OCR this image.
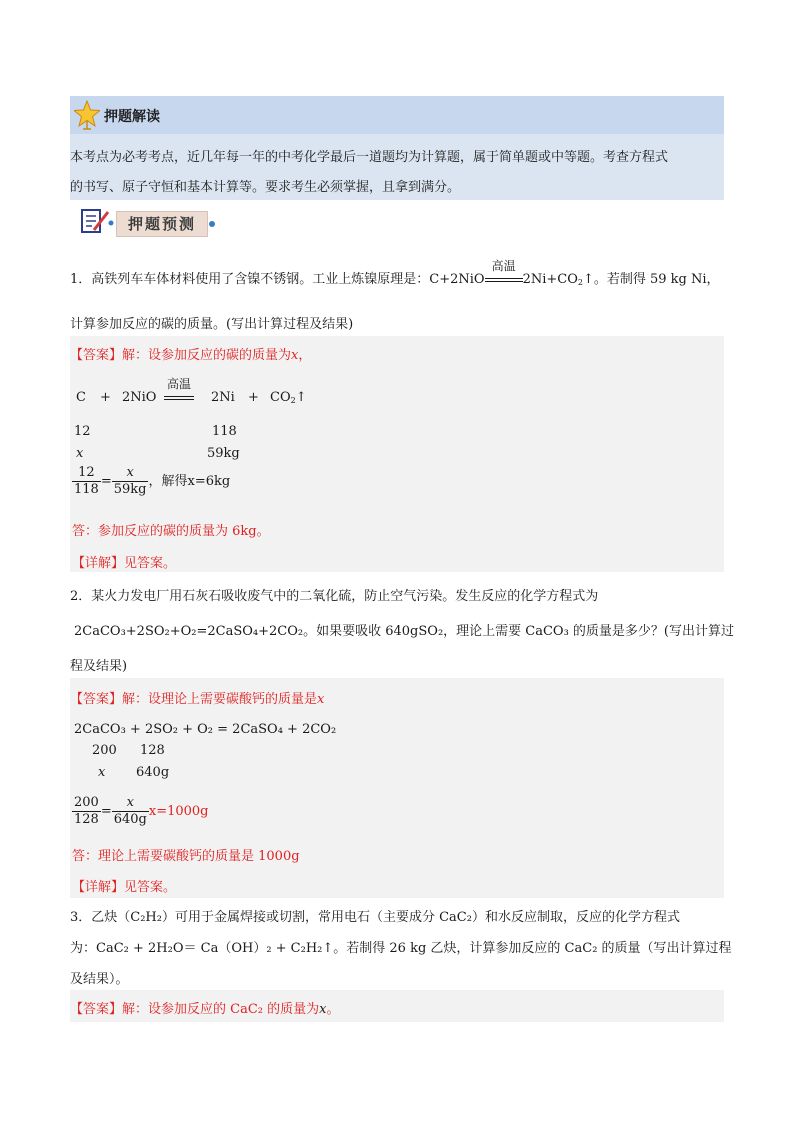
押题解读
本考点为必考考点，近几年每一年的中考化学最后一道题均为计算题，属于简单题或中等题。考查方程式
的书写、原子守恒和基本计算等。要求考生必须掌握，且拿到满分。
押题预测
1．高铁列车车体材料使用了含镍不锈钢。工业上炼镍原理是：C+2NiO
高温
$2Ni+CO_2↑$。若制得 59 kg Ni，
计算参加反应的碳的质量。(写出计算过程及结果)
【答案】解：设参加反应的碳的质量为x，
C + 2NiO
高温
$2Ni + CO_2↑$
12	118
x	59kg
$\frac{12}{118} = \frac{x}{59kg}$ ，解得x=6kg
答：参加反应的碳的质量为 6kg。
【详解】见答案。
2．某火力发电厂用石灰石吸收废气中的二氧化硫，防止空气污染。发生反应的化学方程式为
2CaCO₃+2SO₂+O₂=2CaSO₄+2CO₂。如果要吸收 640gSO₂，理论上需要 CaCO₃ 的质量是多少？(写出计算过
程及结果)
【答案】解：设理论上需要碳酸钙的质量是x
2CaCO₃ + 2SO₂ + O₂ = 2CaSO₄ + 2CO₂
200 128
x 640g
$\frac{200}{128} = \frac{x}{640g} x=1000g$
答：理论上需要碳酸钙的质量是 1000g
【详解】见答案。
3．乙炔（C₂H₂）可用于金属焊接或切割，常用电石（主要成分 CaC₂）和水反应制取，反应的化学方程式
为：CaC₂ + 2H₂O＝ Ca（OH）₂ + C₂H₂↑。若制得 26 kg 乙炔，计算参加反应的 CaC₂ 的质量（写出计算过程
及结果）。
【答案】解：设参加反应的 CaC₂ 的质量为x。
